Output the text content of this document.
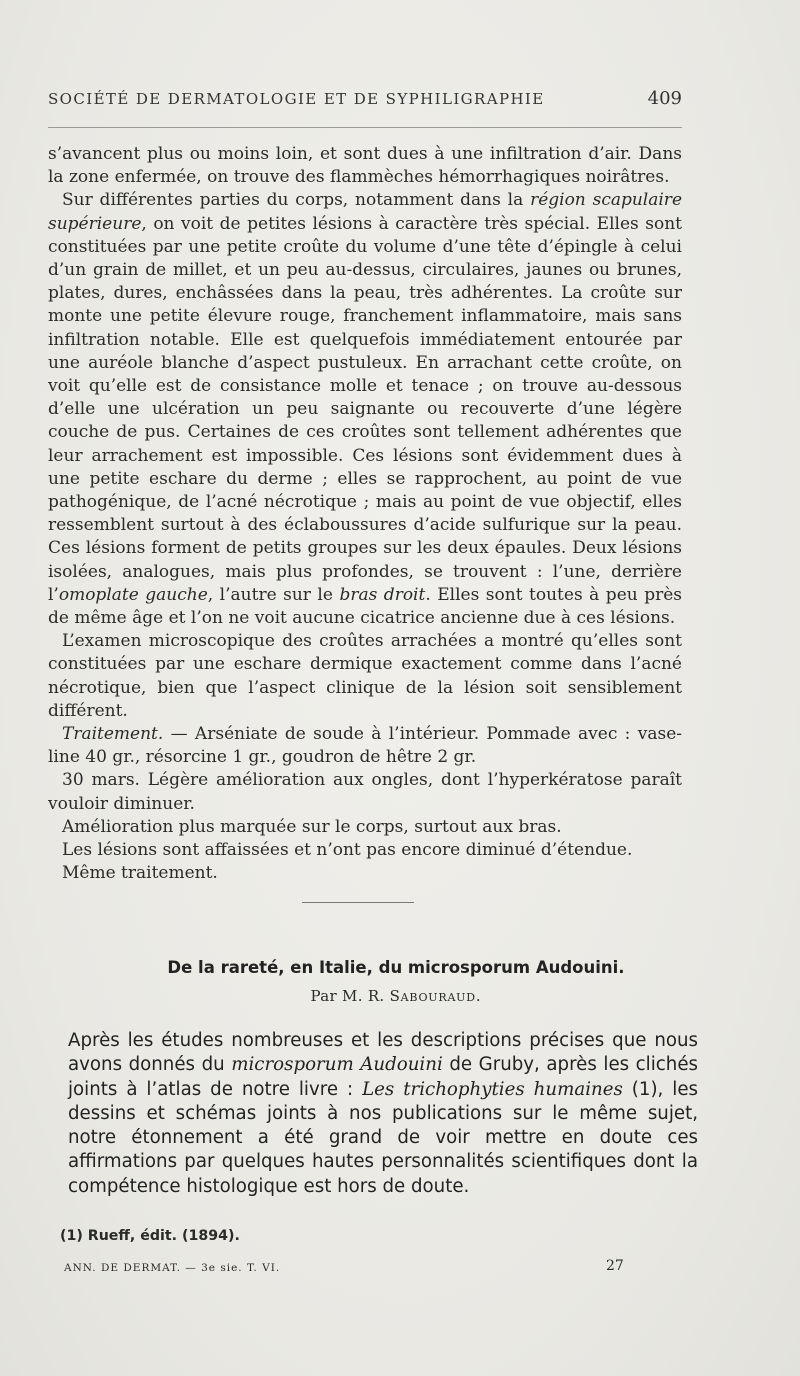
SOCIÉTÉ DE DERMATOLOGIE ET DE SYPHILIGRAPHIE	409

s’avancent plus ou moins loin, et sont dues à une infiltration d’air. Dans la zone enfermée, on trouve des flammèches hémorrhagiques noirâtres.

Sur différentes parties du corps, notamment dans la région scapulaire supérieure, on voit de petites lésions à caractère très spécial. Elles sont constituées par une petite croûte du volume d’une tête d’épingle à celui d’un grain de millet, et un peu au-dessus, circulaires, jaunes ou brunes, plates, dures, enchâssées dans la peau, très adhérentes. La croûte sur monte une petite élevure rouge, franchement inflammatoire, mais sans infiltration notable. Elle est quelquefois immédiatement entourée par une auréole blanche d’aspect pustuleux. En arrachant cette croûte, on voit qu’elle est de consistance molle et tenace ; on trouve au-dessous d’elle une ulcération un peu saignante ou recouverte d’une légère couche de pus. Certaines de ces croûtes sont tellement adhérentes que leur arrachement est impossible. Ces lésions sont évidemment dues à une petite eschare du derme ; elles se rapprochent, au point de vue pathogénique, de l’acné nécrotique ; mais au point de vue objectif, elles ressemblent surtout à des éclaboussures d’acide sulfurique sur la peau. Ces lésions forment de petits groupes sur les deux épaules. Deux lésions isolées, analogues, mais plus profondes, se trouvent : l’une, derrière l’omoplate gauche, l’autre sur le bras droit. Elles sont toutes à peu près de même âge et l’on ne voit aucune cicatrice ancienne due à ces lésions.

L’examen microscopique des croûtes arrachées a montré qu’elles sont constituées par une eschare dermique exactement comme dans l’acné nécrotique, bien que l’aspect clinique de la lésion soit sensiblement différent.

Traitement. — Arséniate de soude à l’intérieur. Pommade avec : vaseline 40 gr., résorcine 1 gr., goudron de hêtre 2 gr.

30 mars. Légère amélioration aux ongles, dont l’hyperkératose paraît vouloir diminuer.

Amélioration plus marquée sur le corps, surtout aux bras.

Les lésions sont affaissées et n’ont pas encore diminué d’étendue.

Même traitement.

De la rareté, en Italie, du microsporum Audouini.
Par M. R. Sabouraud.

Après les études nombreuses et les descriptions précises que nous avons donnés du microsporum Audouini de Gruby, après les clichés joints à l’atlas de notre livre : Les trichophyties humaines (1), les dessins et schémas joints à nos publications sur le même sujet, notre étonnement a été grand de voir mettre en doute ces affirmations par quelques hautes personnalités scientifiques dont la compétence histologique est hors de doute.

(1) Rueff, édit. (1894).
ANN. DE DERMAT. — 3e sie. T. VI.	27
